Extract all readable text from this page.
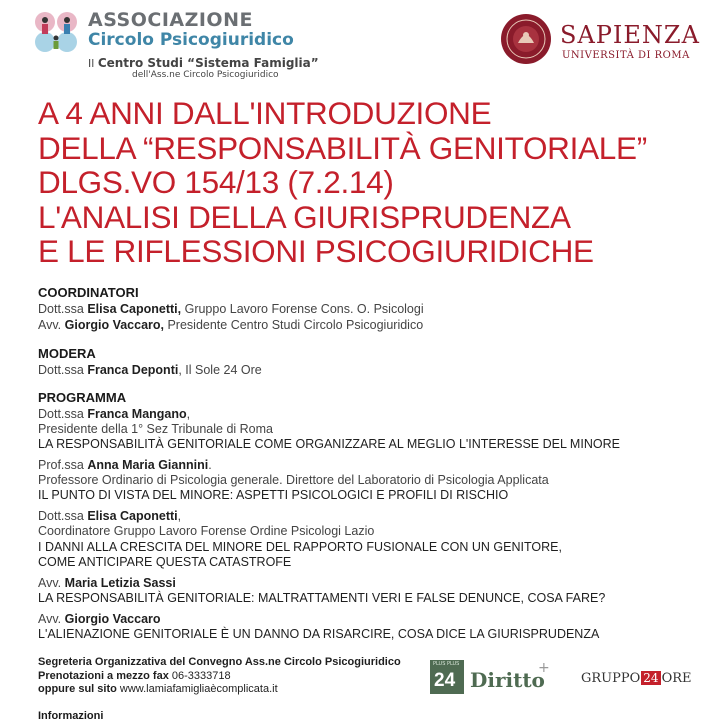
ASSOCIAZIONE
Circolo Psicogiuridico
Il Centro Studi “Sistema Famiglia”
dell'Ass.ne Circolo Psicogiuridico
SAPIENZA
UNIVERSITÀ DI ROMA
A 4 ANNI DALL'INTRODUZIONE
DELLA “RESPONSABILITÀ GENITORIALE”
DLGS.VO 154/13 (7.2.14)
L'ANALISI DELLA GIURISPRUDENZA
E LE RIFLESSIONI PSICOGIURIDICHE
COORDINATORI
Dott.ssa Elisa Caponetti, Gruppo Lavoro Forense Cons. O. Psicologi
Avv. Giorgio Vaccaro, Presidente Centro Studi Circolo Psicogiuridico
MODERA
Dott.ssa Franca Deponti, Il Sole 24 Ore
PROGRAMMA
Dott.ssa Franca Mangano,
Presidente della 1° Sez Tribunale di Roma
LA RESPONSABILITÀ GENITORIALE COME ORGANIZZARE AL MEGLIO L'INTERESSE DEL MINORE
Prof.ssa Anna Maria Giannini.
Professore Ordinario di Psicologia generale. Direttore del Laboratorio di Psicologia Applicata
IL PUNTO DI VISTA DEL MINORE: ASPETTI PSICOLOGICI E PROFILI DI RISCHIO
Dott.ssa Elisa Caponetti,
Coordinatore Gruppo Lavoro Forense Ordine Psicologi Lazio
I DANNI ALLA CRESCITA DEL MINORE DEL RAPPORTO FUSIONALE CON UN GENITORE,
COME ANTICIPARE QUESTA CATASTROFE
Avv. Maria Letizia Sassi
LA RESPONSABILITÀ GENITORIALE: MALTRATTAMENTI VERI E FALSE DENUNCE, COSA FARE?
Avv. Giorgio Vaccaro
L'ALIENAZIONE GENITORIALE È UN DANNO DA RISARCIRE, COSA DICE LA GIURISPRUDENZA
Segreteria Organizzativa del Convegno Ass.ne Circolo Psicogiuridico
Prenotazioni a mezzo fax 06-3333718
oppure sul sito www.lamiafamigliaècomplicata.it
PLUS PLUS
24 Diritto
+
GRUPPO 24 ORE
Informazioni
